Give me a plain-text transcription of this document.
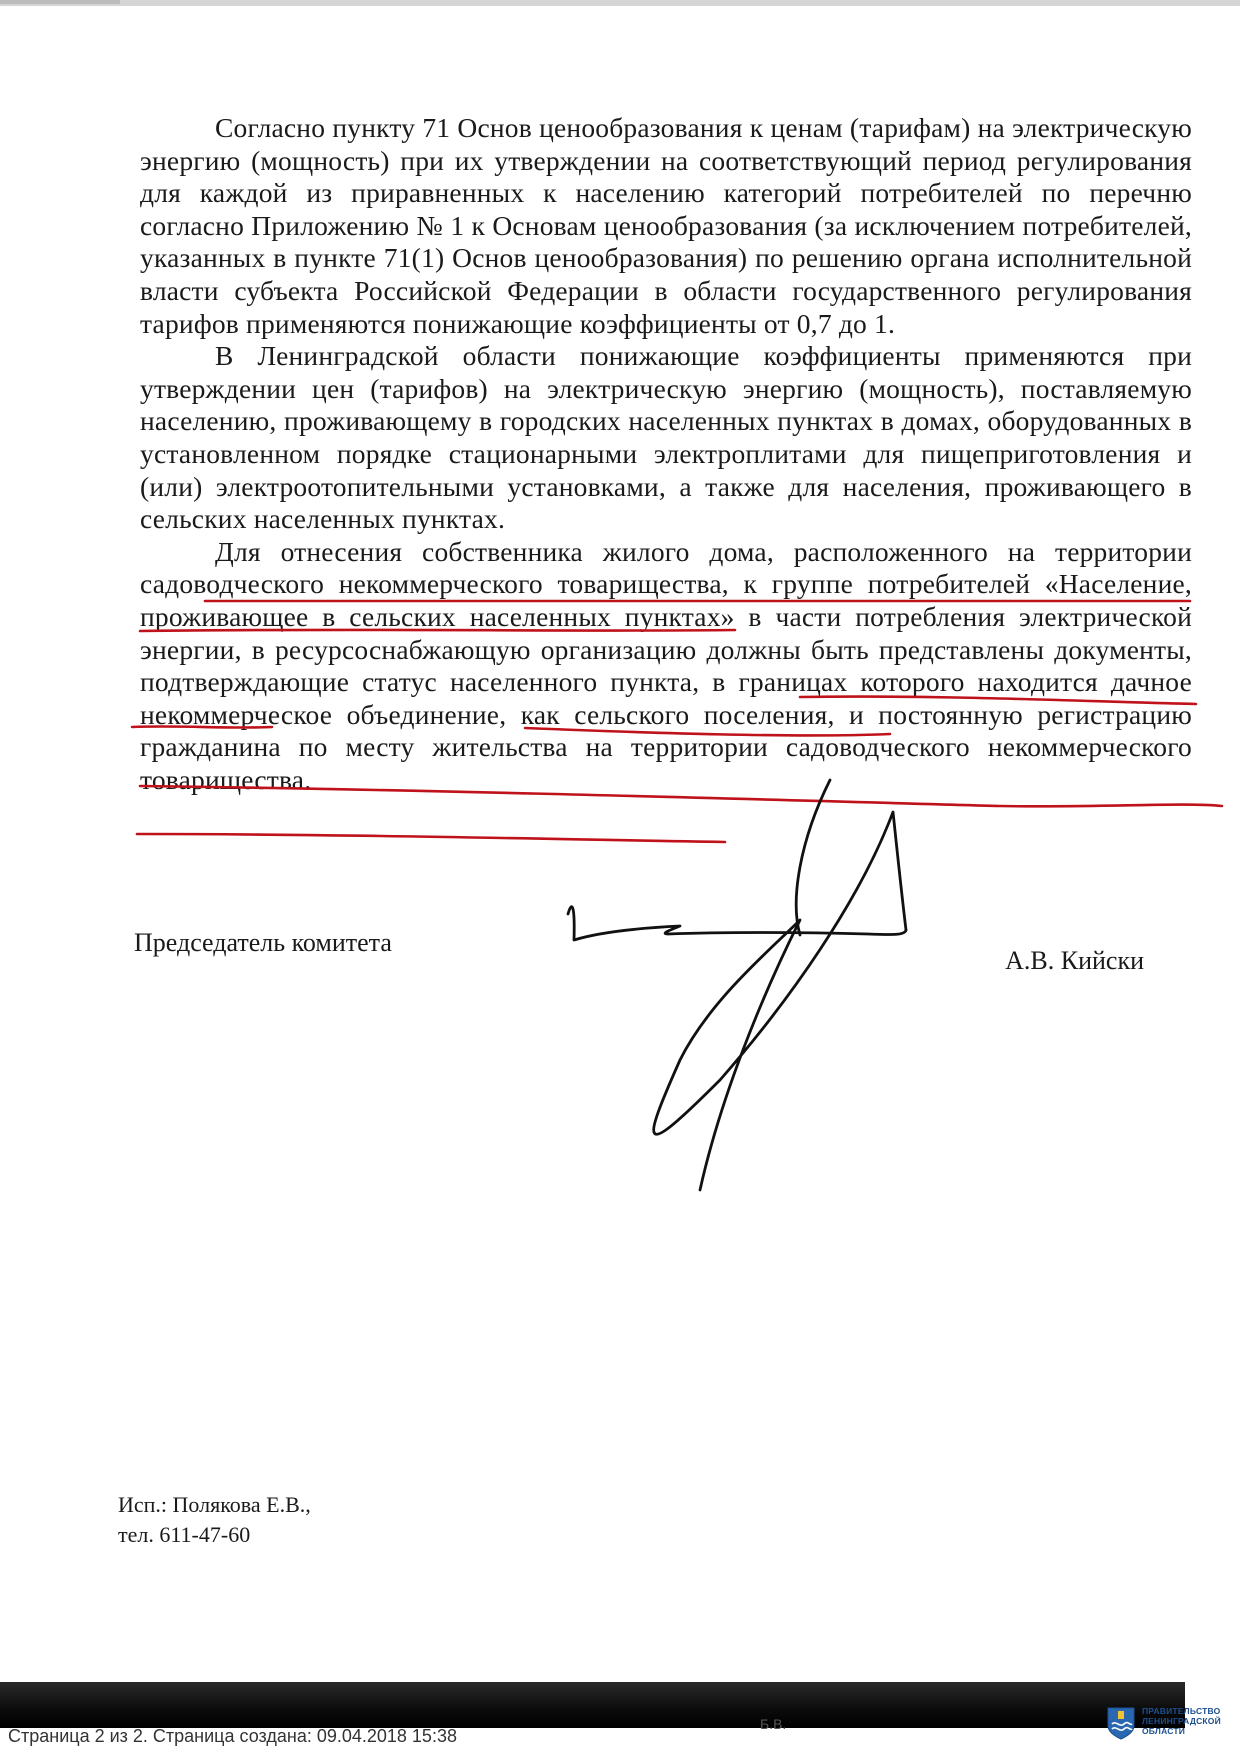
Согласно пункту 71 Основ ценообразования к ценам (тарифам) на электрическую энергию (мощность) при их утверждении на соответствующий период регулирования для каждой из приравненных к населению категорий потребителей по перечню согласно Приложению № 1 к Основам ценообразования (за исключением потребителей, указанных в пункте 71(1) Основ ценообразования) по решению органа исполнительной власти субъекта Российской Федерации в области государственного регулирования тарифов применяются понижающие коэффициенты от 0,7 до 1.

В Ленинградской области понижающие коэффициенты применяются при утверждении цен (тарифов) на электрическую энергию (мощность), поставляемую населению, проживающему в городских населенных пунктах в домах, оборудованных в установленном порядке стационарными электроплитами для пищеприготовления и (или) электроотопительными установками, а также для населения, проживающего в сельских населенных пунктах.

Для отнесения собственника жилого дома, расположенного на территории садоводческого некоммерческого товарищества, к группе потребителей «Население, проживающее в сельских населенных пунктах» в части потребления электрической энергии, в ресурсоснабжающую организацию должны быть представлены документы, подтверждающие статус населенного пункта, в границах которого находится дачное некоммерческое объединение, как сельского поселения, и постоянную регистрацию гражданина по месту жительства на территории садоводческого некоммерческого товарищества.

Председатель комитета
А.В. Кийски
Исп.: Полякова Е.В.,
тел. 611-47-60
Страница 2 из 2. Страница создана: 09.04.2018 15:38
Б.В.
ПРАВИТЕЛЬСТВО ЛЕНИНГРАДСКОЙ ОБЛАСТИ
